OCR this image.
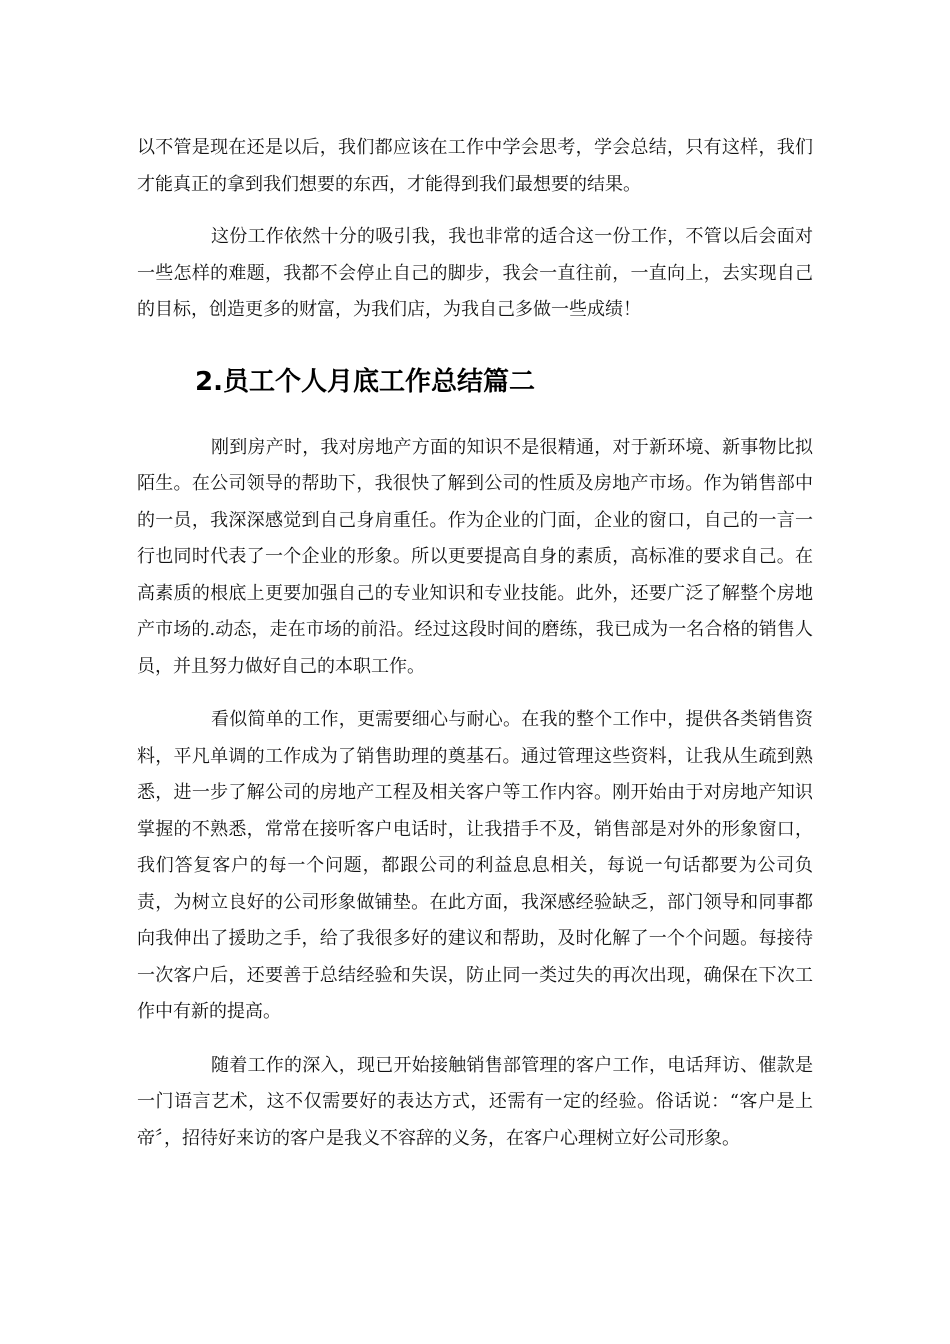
以不管是现在还是以后，我们都应该在工作中学会思考，学会总结，只有这样，我们才能真正的拿到我们想要的东西，才能得到我们最想要的结果。

这份工作依然十分的吸引我，我也非常的适合这一份工作，不管以后会面对一些怎样的难题，我都不会停止自己的脚步，我会一直往前，一直向上，去实现自己的目标，创造更多的财富，为我们店，为我自己多做一些成绩！

2.员工个人月底工作总结篇二

刚到房产时，我对房地产方面的知识不是很精通，对于新环境、新事物比拟陌生。在公司领导的帮助下，我很快了解到公司的性质及房地产市场。作为销售部中的一员，我深深感觉到自己身肩重任。作为企业的门面，企业的窗口，自己的一言一行也同时代表了一个企业的形象。所以更要提高自身的素质，高标准的要求自己。在高素质的根底上更要加强自己的专业知识和专业技能。此外，还要广泛了解整个房地产市场的.动态，走在市场的前沿。经过这段时间的磨练，我已成为一名合格的销售人员，并且努力做好自己的本职工作。

看似简单的工作，更需要细心与耐心。在我的整个工作中，提供各类销售资料，平凡单调的工作成为了销售助理的奠基石。通过管理这些资料，让我从生疏到熟悉，进一步了解公司的房地产工程及相关客户等工作内容。刚开始由于对房地产知识掌握的不熟悉，常常在接听客户电话时，让我措手不及，销售部是对外的形象窗口，我们答复客户的每一个问题，都跟公司的利益息息相关，每说一句话都要为公司负责，为树立良好的公司形象做铺垫。在此方面，我深感经验缺乏，部门领导和同事都向我伸出了援助之手，给了我很多好的建议和帮助，及时化解了一个个问题。每接待一次客户后，还要善于总结经验和失误，防止同一类过失的再次出现，确保在下次工作中有新的提高。

随着工作的深入，现已开始接触销售部管理的客户工作，电话拜访、催款是一门语言艺术，这不仅需要好的表达方式，还需有一定的经验。俗话说：“客户是上帝〞，招待好来访的客户是我义不容辞的义务，在客户心理树立好公司形象。
